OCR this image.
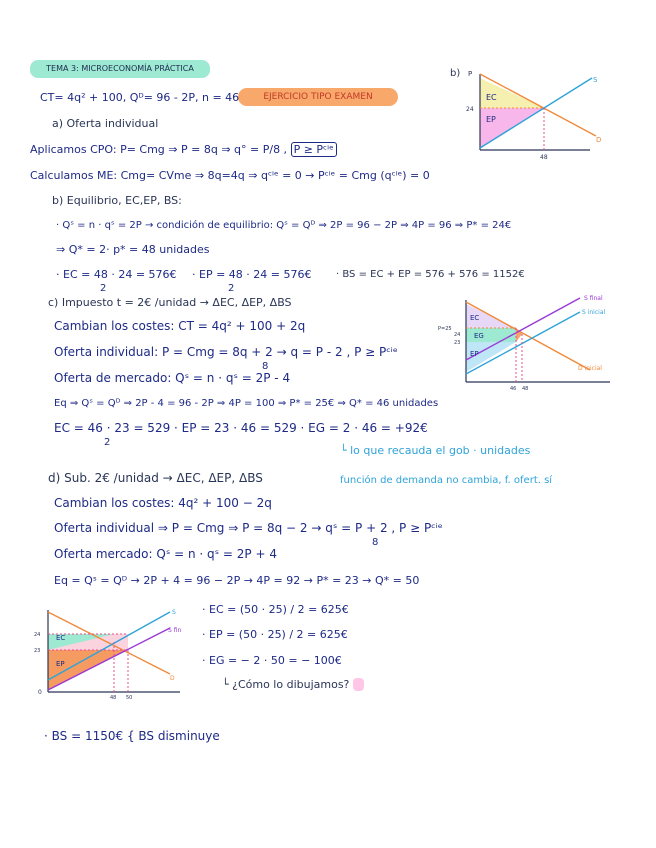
TEMA 3: MICROECONOMÍA PRÁCTICA
EJERCICIO TIPO EXAMEN
CT= 4q² + 100, Qᴰ= 96 - 2P, n = 46
a) Oferta individual
Aplicamos CPO: P= Cmg ⇒ P = 8q ⇒ q° = P/8 , P ≥ Pᶜⁱᵉ
Calculamos ME: Cmg= CVme ⇒ 8q=4q ⇒ qᶜⁱᵉ = 0 → Pᶜⁱᵉ = Cmg (qᶜⁱᵉ) = 0
b) Equilibrio, EC,EP, BS:
· Qˢ = n · qˢ = 2P → condición de equilibrio: Qˢ = Qᴰ ⇒ 2P = 96 − 2P ⇒ 4P = 96 ⇒ P* = 24€
⇒ Q* = 2· p* = 48 unidades
· EC = 48 · 24 = 576€
2
· EP = 48 · 24 = 576€
2
· BS = EC + EP = 576 + 576 = 1152€
c) Impuesto t = 2€ /unidad → ΔEC, ΔEP, ΔBS
Cambian los costes: CT = 4q² + 100 + 2q
Oferta individual: P = Cmg = 8q + 2 → q = P - 2 , P ≥ Pᶜⁱᵉ
8
Oferta de mercado: Qˢ = n · qˢ = 2P - 4
Eq ⇒ Qˢ = Qᴰ ⇒ 2P - 4 = 96 - 2P ⇒ 4P = 100 ⇒ P* = 25€ ⇒ Q* = 46 unidades
EC = 46 · 23 = 529 · EP = 23 · 46 = 529 · EG = 2 · 46 = +92€
2
└ lo que recauda el gob · unidades
d) Sub. 2€ /unidad → ΔEC, ΔEP, ΔBS	función de demanda no cambia, f. ofert. sí
Cambian los costes: 4q² + 100 − 2q
Oferta individual ⇒ P = Cmg ⇒ P = 8q − 2 → qˢ = P + 2 , P ≥ Pᶜⁱᵉ
8
Oferta mercado: Qˢ = n · qˢ = 2P + 4
Eq = Qˢ = Qᴰ → 2P + 4 = 96 − 2P → 4P = 92 → P* = 23 → Q* = 50
· EC = (50 · 25) / 2 = 625€
· EP = (50 · 25) / 2 = 625€
· EG = − 2 · 50 = − 100€
└ ¿Cómo lo dibujamos?
· BS = 1150€ { BS disminuye
b) P
EC
EP
24
48
S
D
EC
EG
EP
P=25
24
23
46 48
S final
S inicial
D inicial
EC
EP
24
23
48 50
0
S
S fin
D
